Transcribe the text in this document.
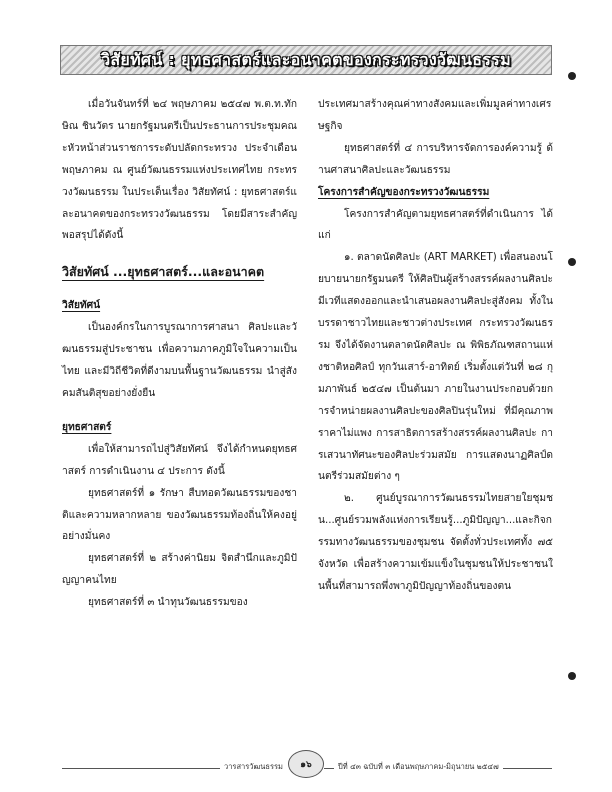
วิสัยทัศน์ : ยุทธศาสตร์และอนาคตของกระทรวงวัฒนธรรม

เมื่อวันจันทร์ที่ ๒๔ พฤษภาคม ๒๕๔๗ พ.ต.ท.ทักษิณ ชินวัตร นายกรัฐมนตรีเป็นประธานการประชุมคณะหัวหน้าส่วนราชการระดับปลัดกระทรวง ประจำเดือนพฤษภาคม ณ ศูนย์วัฒนธรรมแห่งประเทศไทย กระทรวงวัฒนธรรม ในประเด็นเรื่อง วิสัยทัศน์ : ยุทธศาสตร์และอนาคตของกระทรวงวัฒนธรรม โดยมีสาระสำคัญ พอสรุปได้ดังนี้

วิสัยทัศน์ ...ยุทธศาสตร์...และอนาคต
วิสัยทัศน์

เป็นองค์กรในการบูรณาการศาสนา ศิลปะและวัฒนธรรมสู่ประชาชน เพื่อความภาคภูมิใจในความเป็นไทย และมีวิถีชีวิตที่ดีงามบนพื้นฐานวัฒนธรรม นำสู่สังคมสันติสุขอย่างยั่งยืน

ยุทธศาสตร์

เพื่อให้สามารถไปสู่วิสัยทัศน์ จึงได้กำหนดยุทธศาสตร์ การดำเนินงาน ๔ ประการ ดังนี้

ยุทธศาสตร์ที่ ๑ รักษา สืบทอดวัฒนธรรมของชาติและความหลากหลาย ของวัฒนธรรมท้องถิ่นให้คงอยู่อย่างมั่นคง

ยุทธศาสตร์ที่ ๒ สร้างค่านิยม จิตสำนึกและภูมิปัญญาคนไทย

ยุทธศาสตร์ที่ ๓ นำทุนวัฒนธรรมของ

ประเทศมาสร้างคุณค่าทางสังคมและเพิ่มมูลค่าทางเศรษฐกิจ

ยุทธศาสตร์ที่ ๔ การบริหารจัดการองค์ความรู้ ด้านศาสนาศิลปะและวัฒนธรรม

โครงการสำคัญของกระทรวงวัฒนธรรม

โครงการสำคัญตามยุทธศาสตร์ที่ดำเนินการ ได้แก่

๑. ตลาดนัดศิลปะ (ART MARKET) เพื่อสนองนโยบายนายกรัฐมนตรี ให้ศิลปินผู้สร้างสรรค์ผลงานศิลปะมีเวทีแสดงออกและนำเสนอผลงานศิลปะสู่สังคม ทั้งในบรรดาชาวไทยและชาวต่างประเทศ กระทรวงวัฒนธรรม จึงได้จัดงานตลาดนัดศิลปะ ณ พิพิธภัณฑสถานแห่งชาติหอศิลป์ ทุกวันเสาร์-อาทิตย์ เริ่มตั้งแต่วันที่ ๒๘ กุมภาพันธ์ ๒๕๔๗ เป็นต้นมา ภายในงานประกอบด้วยการจำหน่ายผลงานศิลปะของศิลปินรุ่นใหม่ ที่มีคุณภาพราคาไม่แพง การสาธิตการสร้างสรรค์ผลงานศิลปะ การเสวนาทัศนะของศิลปะร่วมสมัย การแสดงนาฏศิลป์ดนตรีร่วมสมัยต่าง ๆ

๒. ศูนย์บูรณาการวัฒนธรรมไทยสายใยชุมชน...ศูนย์รวมพลังแห่งการเรียนรู้...ภูมิปัญญา...และกิจกรรมทางวัฒนธรรมของชุมชน จัดตั้งทั่วประเทศทั้ง ๗๕ จังหวัด เพื่อสร้างความเข้มแข็งในชุมชนให้ประชาชนในพื้นที่สามารถพึ่งพาภูมิปัญญาท้องถิ่นของตน

วารสารวัฒนธรรม	ปีที่ ๔๓ ฉบับที่ ๓ เดือนพฤษภาคม-มิถุนายน ๒๕๔๗
๑๖
